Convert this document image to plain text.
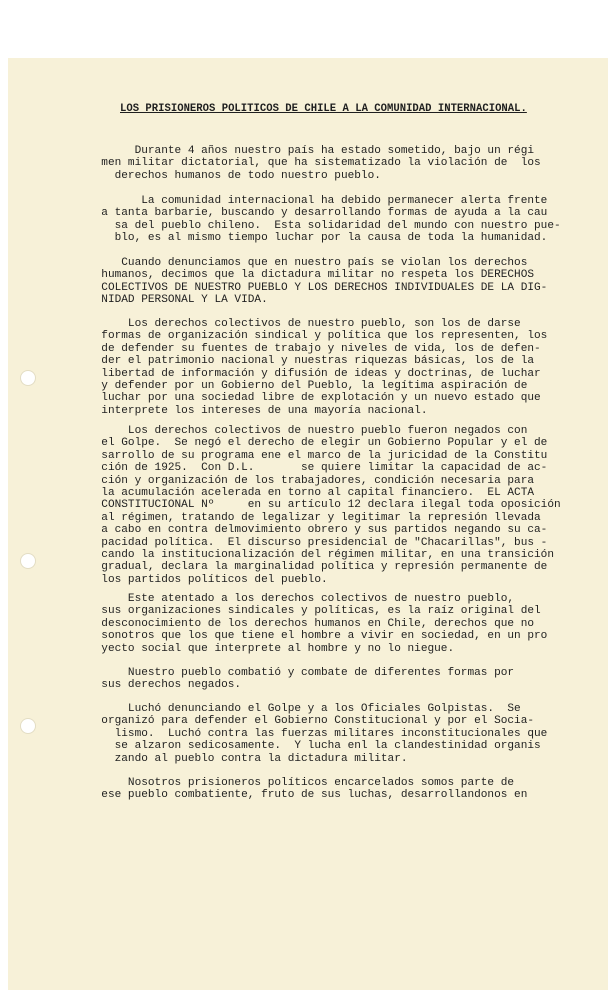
LOS PRISIONEROS POLITICOS DE CHILE A LA COMUNIDAD INTERNACIONAL.
Durante 4 años nuestro país ha estado sometido, bajo un régi
men militar dictatorial, que ha sistematizado la violación de  los
derechos humanos de todo nuestro pueblo.
La comunidad internacional ha debido permanecer alerta frente
a tanta barbarie, buscando y desarrollando formas de ayuda a la cau
sa del pueblo chileno.  Esta solidaridad del mundo con nuestro pue-
blo, es al mismo tiempo luchar por la causa de toda la humanidad.
Cuando denunciamos que en nuestro país se violan los derechos
humanos, decimos que la dictadura militar no respeta los DERECHOS
COLECTIVOS DE NUESTRO PUEBLO Y LOS DERECHOS INDIVIDUALES DE LA DIG-
NIDAD PERSONAL Y LA VIDA.
Los derechos colectivos de nuestro pueblo, son los de darse
formas de organización sindical y política que los representen, los
de defender su fuentes de trabajo y niveles de vida, los de defen-
der el patrimonio nacional y nuestras riquezas básicas, los de la
libertad de información y difusión de ideas y doctrinas, de luchar
y defender por un Gobierno del Pueblo, la legítima aspiración de
luchar por una sociedad libre de explotación y un nuevo estado que
interprete los intereses de una mayoría nacional.
Los derechos colectivos de nuestro pueblo fueron negados con
el Golpe.  Se negó el derecho de elegir un Gobierno Popular y el de
sarrollo de su programa ene el marco de la juricidad de la Constitu
ción de 1925.  Con D.L.       se quiere limitar la capacidad de ac-
ción y organización de los trabajadores, condición necesaria para
la acumulación acelerada en torno al capital financiero.  EL ACTA
CONSTITUCIONAL Nº     en su artículo 12 declara ilegal toda oposición
al régimen, tratando de legalizar y legitimar la represión llevada
a cabo en contra delmovimiento obrero y sus partidos negando su ca-
pacidad política.  El discurso presidencial de "Chacarillas", bus -
cando la institucionalización del régimen militar, en una transición
gradual, declara la marginalidad política y represión permanente de
los partidos políticos del pueblo.
Este atentado a los derechos colectivos de nuestro pueblo,
sus organizaciones sindicales y políticas, es la raíz original del
desconocimiento de los derechos humanos en Chile, derechos que no
sonotros que los que tiene el hombre a vivir en sociedad, en un pro
yecto social que interprete al hombre y no lo niegue.
Nuestro pueblo combatió y combate de diferentes formas por
sus derechos negados.
Luchó denunciando el Golpe y a los Oficiales Golpistas.  Se
organizó para defender el Gobierno Constitucional y por el Socia-
lismo.  Luchó contra las fuerzas militares inconstitucionales que
se alzaron sedicosamente.  Y lucha enl la clandestinidad organis
zando al pueblo contra la dictadura militar.
Nosotros prisioneros políticos encarcelados somos parte de
ese pueblo combatiente, fruto de sus luchas, desarrollandonos en
